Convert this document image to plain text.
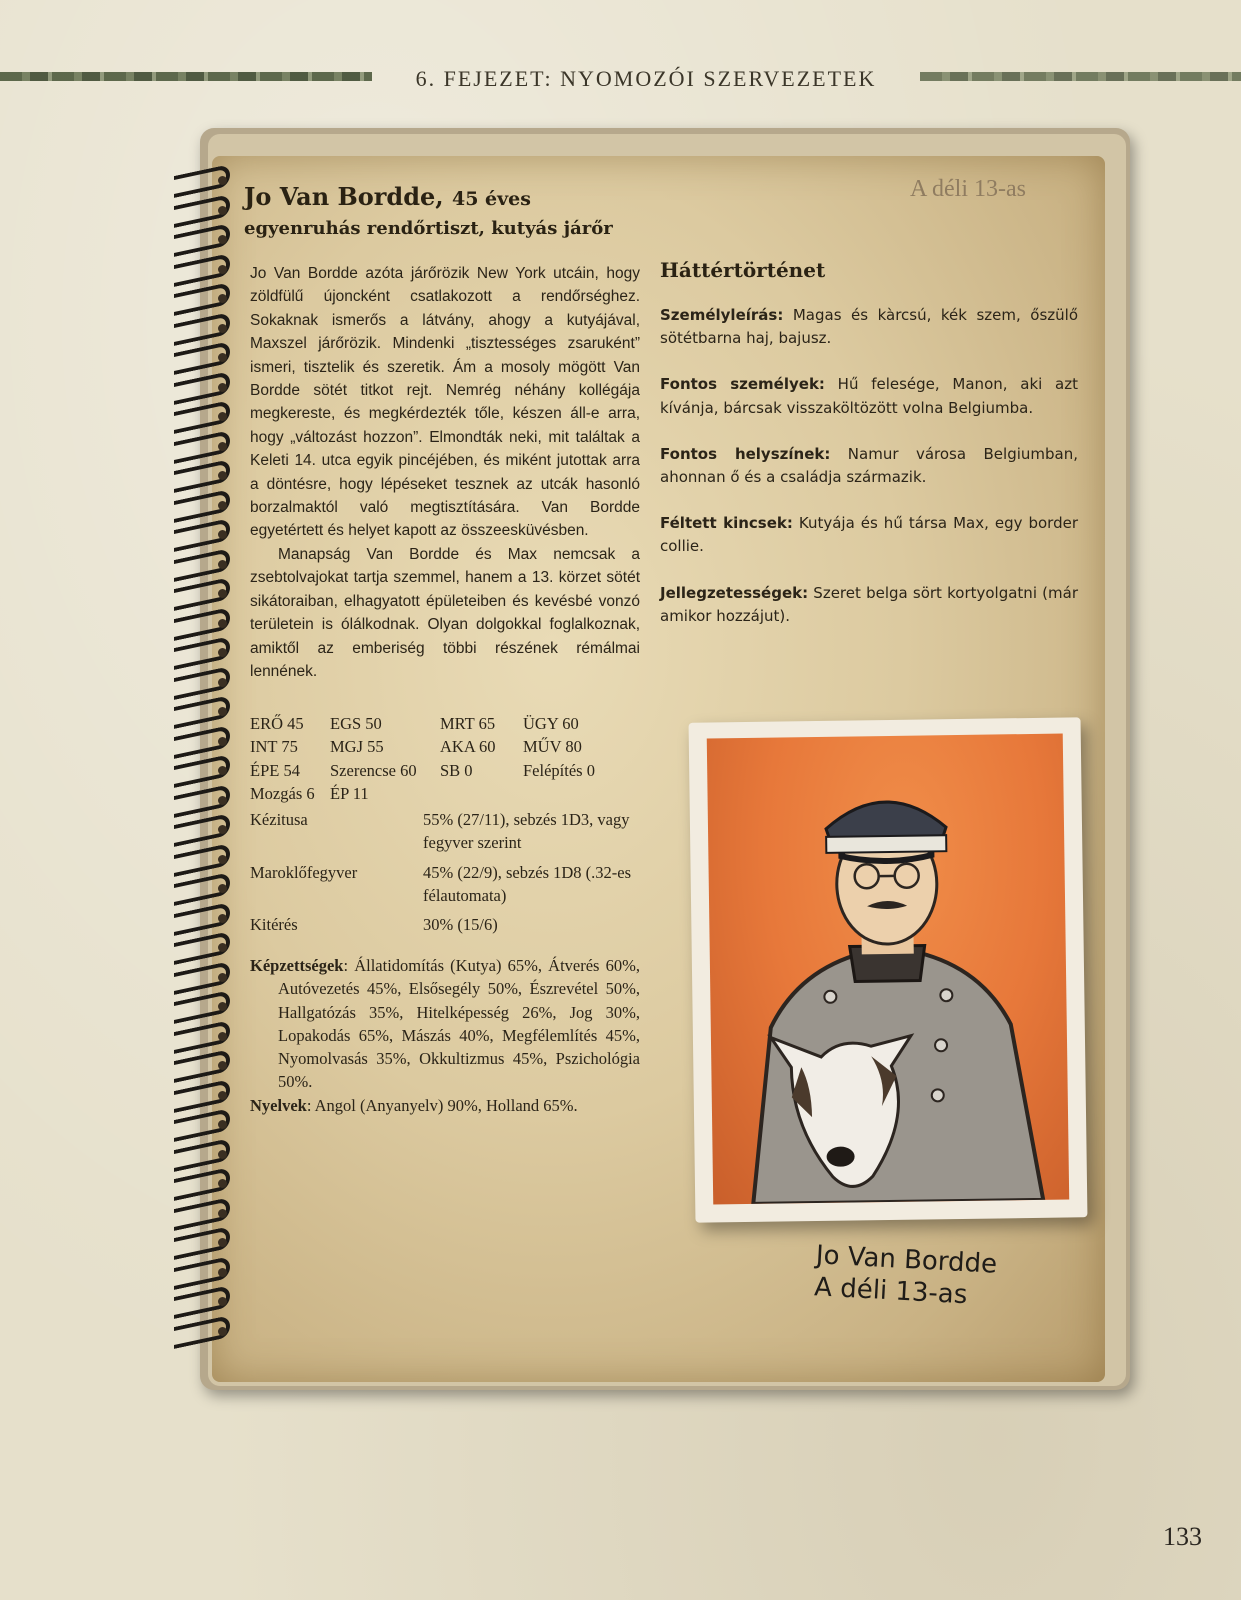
6. FEJEZET: NYOMOZÓI SZERVEZETEK
A déli 13-as
Jo Van Bordde, 45 éves
egyenruhás rendőrtiszt, kutyás járőr

Jo Van Bordde azóta járőrözik New York utcáin, hogy zöldfülű újoncként csatlakozott a rendőrséghez. Sokaknak ismerős a látvány, ahogy a kutyájával, Maxszel járőrözik. Mindenki „tisztességes zsaruként” ismeri, tisztelik és szeretik. Ám a mosoly mögött Van Bordde sötét titkot rejt. Nemrég néhány kollégája megkereste, és megkérdezték tőle, készen áll-e arra, hogy „változást hozzon”. Elmondták neki, mit találtak a Keleti 14. utca egyik pincéjében, és miként jutottak arra a döntésre, hogy lépéseket tesznek az utcák hasonló borzalmaktól való megtisztítására. Van Bordde egyetértett és helyet kapott az összeesküvésben.

Manapság Van Bordde és Max nemcsak a zsebtolvajokat tartja szemmel, hanem a 13. körzet sötét sikátoraiban, elhagyatott épületeiben és kevésbé vonzó területein is ólálkodnak. Olyan dolgokkal foglalkoznak, amiktől az emberiség többi részének rémálmai lennének.

ERŐ 45	EGS 50	MRT 65	ÜGY 60
INT 75	MGJ 55	AKA 60	MŰV 80
ÉPE 54	Szerencse 60	SB 0	Felépítés 0
Mozgás 6 ÉP 11
Kézitusa	55% (27/11), sebzés 1D3, vagy fegyver szerint
Maroklőfegyver	45% (22/9), sebzés 1D8 (.32-es félautomata)
Kitérés	30% (15/6)

Képzettségek: Állatidomítás (Kutya) 65%, Átverés 60%, Autóvezetés 45%, Elsősegély 50%, Észrevétel 50%, Hallgatózás 35%, Hitelképesség 26%, Jog 30%, Lopakodás 65%, Mászás 40%, Megfélemlítés 45%, Nyomolvasás 35%, Okkultizmus 45%, Pszichológia 50%.

Nyelvek: Angol (Anyanyelv) 90%, Holland 65%.

Háttértörténet

Személyleírás: Magas és kàrcsú, kék szem, őszülő sötétbarna haj, bajusz.

Fontos személyek: Hű felesége, Manon, aki azt kívánja, bárcsak visszaköltözött volna Belgiumba.

Fontos helyszínek: Namur városa Belgiumban, ahonnan ő és a családja származik.

Féltett kincsek: Kutyája és hű társa Max, egy border collie.

Jellegzetességek: Szeret belga sört kortyolgatni (már amikor hozzájut).

Jo Van Bordde
A déli 13-as
133
